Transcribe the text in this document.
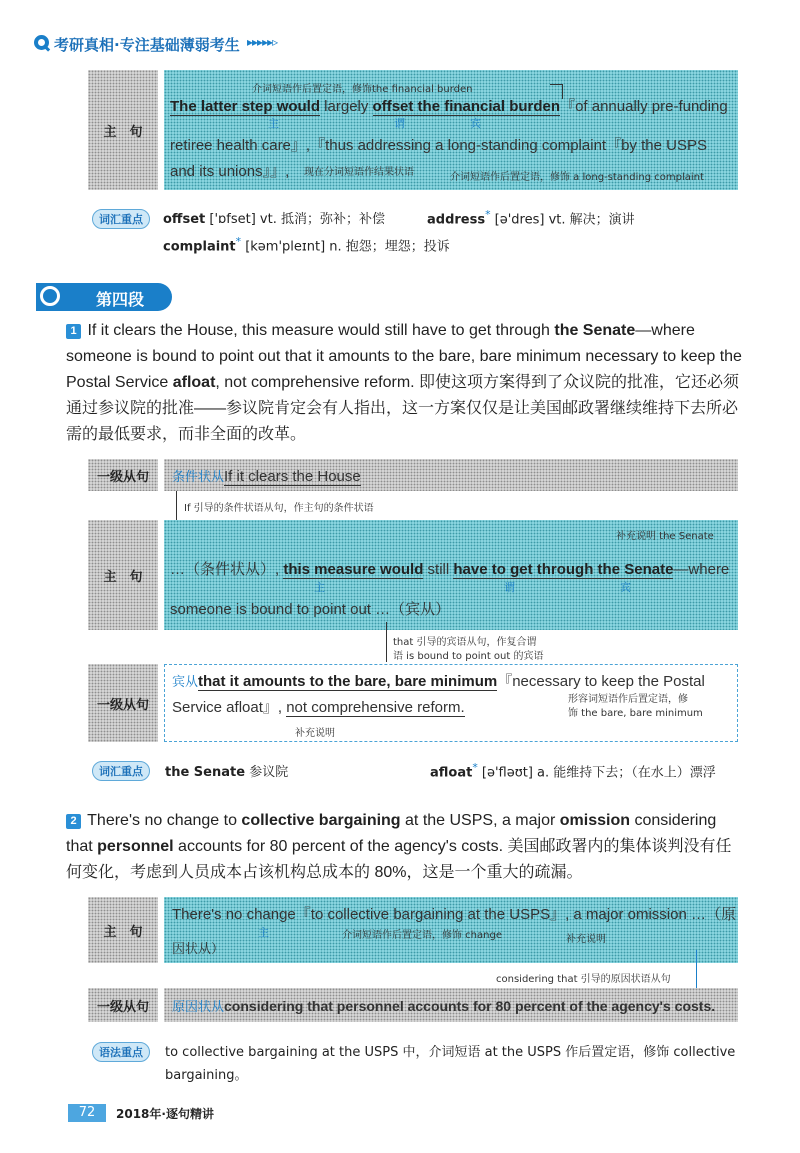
考研真相·专注基础薄弱考生 ▸▸▸▸▸▹
主　句
介词短语作后置定语，修饰the financial burden
The latter step would largely offset the financial burden『of annually pre-funding
主	谓	宾
retiree health care』,『thus addressing a long-standing complaint『by the USPS
and its unions』』, 现在分词短语作结果状语	介词短语作后置定语，修饰 a long-standing complaint
词汇重点	offset ['ɒfset] vt. 抵消；弥补；补偿	address* [ə'dres] vt. 解决；演讲
complaint* [kəm'pleɪnt] n. 抱怨；埋怨；投诉
第四段
1 If it clears the House, this measure would still have to get through the Senate—where someone is bound to point out that it amounts to the bare, bare minimum necessary to keep the Postal Service afloat, not comprehensive reform. 即使这项方案得到了众议院的批准，它还必须通过参议院的批准——参议院肯定会有人指出，这一方案仅仅是让美国邮政署继续维持下去所必需的最低要求，而非全面的改革。
一级从句 条件状从If it clears the House
If 引导的条件状语从句，作主句的条件状语
主　句
补充说明 the Senate
…（条件状从）, this measure would still have to get through the Senate—where
主	谓	宾
someone is bound to point out …（宾从）
that 引导的宾语从句，作复合谓
语 is bound to point out 的宾语
一级从句
宾从that it amounts to the bare, bare minimum『necessary to keep the Postal
Service afloat』, not comprehensive reform.	形容词短语作后置定语，修
饰 the bare, bare minimum
补充说明
词汇重点	the Senate 参议院	afloat* [ə'fləʊt] a. 能维持下去；（在水上）漂浮
2 There's no change to collective bargaining at the USPS, a major omission considering that personnel accounts for 80 percent of the agency's costs. 美国邮政署内的集体谈判没有任何变化，考虑到人员成本占该机构总成本的 80%，这是一个重大的疏漏。
主　句
There's no change『to collective bargaining at the USPS』, a major omission …（原
主	介词短语作后置定语，修饰 change	补充说明
因状从）
considering that 引导的原因状语从句
一级从句 原因状从considering that personnel accounts for 80 percent of the agency's costs.
语法重点	to collective bargaining at the USPS 中，介词短语 at the USPS 作后置定语，修饰 collective
bargaining。
72	2018年·逐句精讲
